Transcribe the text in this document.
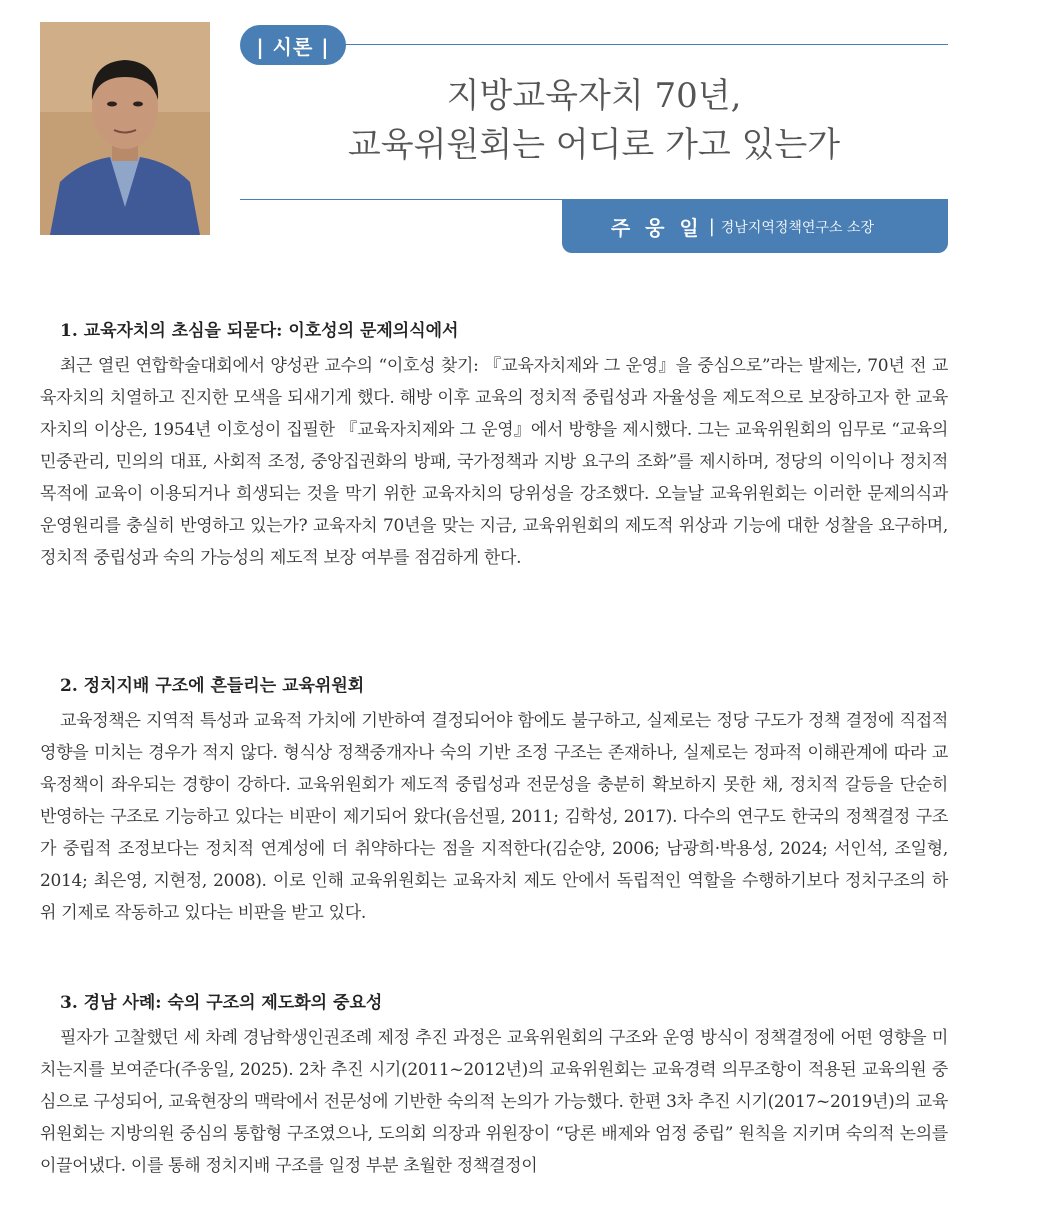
| 시론 |
지방교육자치 70년,
교육위원회는 어디로 가고 있는가
주 웅 일 | 경남지역정책연구소 소장
1. 교육자치의 초심을 되묻다: 이호성의 문제의식에서

최근 열린 연합학술대회에서 양성관 교수의 “이호성 찾기: 『교육자치제와 그 운영』을 중심으로”라는 발제는, 70년 전 교육자치의 치열하고 진지한 모색을 되새기게 했다. 해방 이후 교육의 정치적 중립성과 자율성을 제도적으로 보장하고자 한 교육자치의 이상은, 1954년 이호성이 집필한 『교육자치제와 그 운영』에서 방향을 제시했다. 그는 교육위원회의 임무로 “교육의 민중관리, 민의의 대표, 사회적 조정, 중앙집권화의 방패, 국가정책과 지방 요구의 조화”를 제시하며, 정당의 이익이나 정치적 목적에 교육이 이용되거나 희생되는 것을 막기 위한 교육자치의 당위성을 강조했다. 오늘날 교육위원회는 이러한 문제의식과 운영원리를 충실히 반영하고 있는가? 교육자치 70년을 맞는 지금, 교육위원회의 제도적 위상과 기능에 대한 성찰을 요구하며, 정치적 중립성과 숙의 가능성의 제도적 보장 여부를 점검하게 한다.

2. 정치지배 구조에 흔들리는 교육위원회

교육정책은 지역적 특성과 교육적 가치에 기반하여 결정되어야 함에도 불구하고, 실제로는 정당 구도가 정책 결정에 직접적 영향을 미치는 경우가 적지 않다. 형식상 정책중개자나 숙의 기반 조정 구조는 존재하나, 실제로는 정파적 이해관계에 따라 교육정책이 좌우되는 경향이 강하다. 교육위원회가 제도적 중립성과 전문성을 충분히 확보하지 못한 채, 정치적 갈등을 단순히 반영하는 구조로 기능하고 있다는 비판이 제기되어 왔다(음선필, 2011; 김학성, 2017). 다수의 연구도 한국의 정책결정 구조가 중립적 조정보다는 정치적 연계성에 더 취약하다는 점을 지적한다(김순양, 2006; 남광희·박용성, 2024; 서인석, 조일형, 2014; 최은영, 지현정, 2008). 이로 인해 교육위원회는 교육자치 제도 안에서 독립적인 역할을 수행하기보다 정치구조의 하위 기제로 작동하고 있다는 비판을 받고 있다.

3. 경남 사례: 숙의 구조의 제도화의 중요성

필자가 고찰했던 세 차례 경남학생인권조례 제정 추진 과정은 교육위원회의 구조와 운영 방식이 정책결정에 어떤 영향을 미치는지를 보여준다(주웅일, 2025). 2차 추진 시기(2011~2012년)의 교육위원회는 교육경력 의무조항이 적용된 교육의원 중심으로 구성되어, 교육현장의 맥락에서 전문성에 기반한 숙의적 논의가 가능했다. 한편 3차 추진 시기(2017~2019년)의 교육위원회는 지방의원 중심의 통합형 구조였으나, 도의회 의장과 위원장이 “당론 배제와 엄정 중립” 원칙을 지키며 숙의적 논의를 이끌어냈다. 이를 통해 정치지배 구조를 일정 부분 초월한 정책결정이
